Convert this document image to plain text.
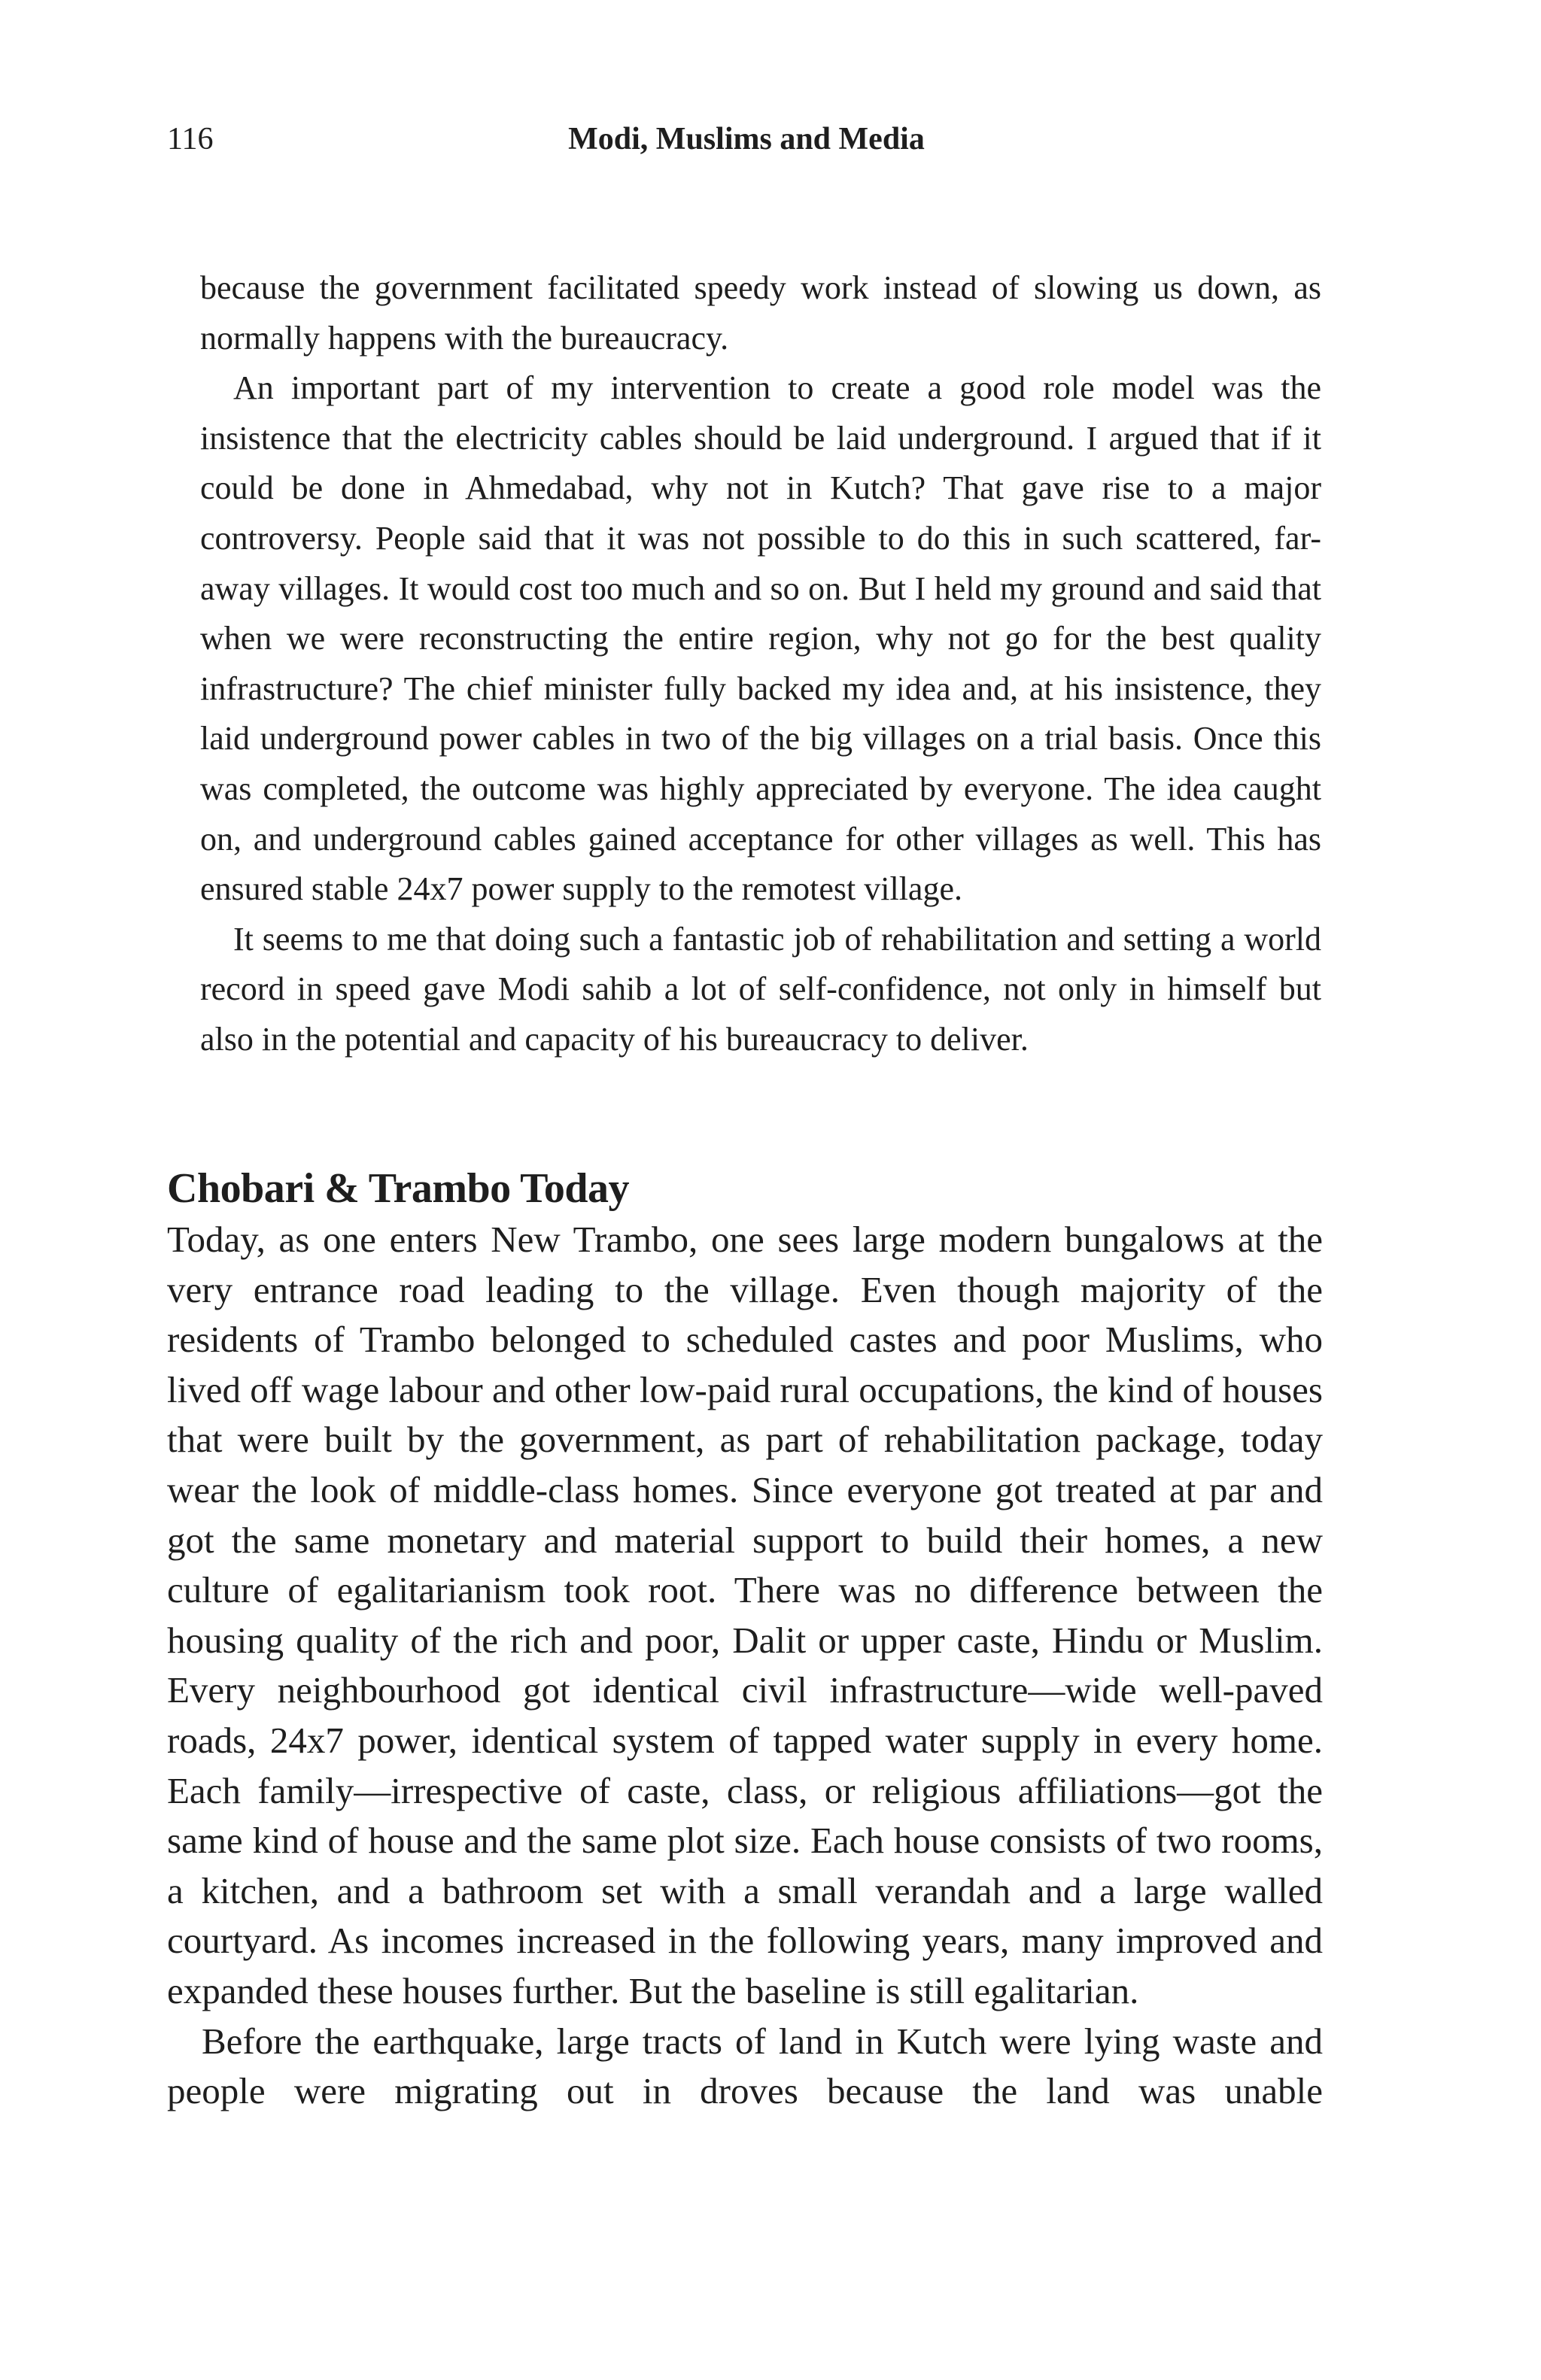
116	Modi, Muslims and Media

because the government facilitated speedy work instead of slowing us down, as normally happens with the bureaucracy.

An important part of my intervention to create a good role model was the insistence that the electricity cables should be laid underground. I argued that if it could be done in Ahmedabad, why not in Kutch? That gave rise to a major controversy. People said that it was not possible to do this in such scattered, far-away villages. It would cost too much and so on. But I held my ground and said that when we were reconstructing the entire region, why not go for the best quality infrastructure? The chief minister fully backed my idea and, at his insistence, they laid underground power cables in two of the big villages on a trial basis. Once this was completed, the outcome was highly appreciated by everyone. The idea caught on, and underground cables gained acceptance for other villages as well. This has ensured stable 24x7 power supply to the remotest village.

It seems to me that doing such a fantastic job of rehabilitation and setting a world record in speed gave Modi sahib a lot of self-confidence, not only in himself but also in the potential and capacity of his bureaucracy to deliver.

Chobari & Trambo Today

Today, as one enters New Trambo, one sees large modern bungalows at the very entrance road leading to the village. Even though majority of the residents of Trambo belonged to scheduled castes and poor Muslims, who lived off wage labour and other low-paid rural occupations, the kind of houses that were built by the government, as part of rehabilitation package, today wear the look of middle-class homes. Since everyone got treated at par and got the same monetary and material support to build their homes, a new culture of egalitarianism took root. There was no difference between the housing quality of the rich and poor, Dalit or upper caste, Hindu or Muslim. Every neighbourhood got identical civil infrastructure—wide well-paved roads, 24x7 power, identical system of tapped water supply in every home. Each family—irrespective of caste, class, or religious affiliations—got the same kind of house and the same plot size. Each house consists of two rooms, a kitchen, and a bathroom set with a small verandah and a large walled courtyard. As incomes increased in the following years, many improved and expanded these houses further. But the baseline is still egalitarian.

Before the earthquake, large tracts of land in Kutch were lying waste and people were migrating out in droves because the land was unable
